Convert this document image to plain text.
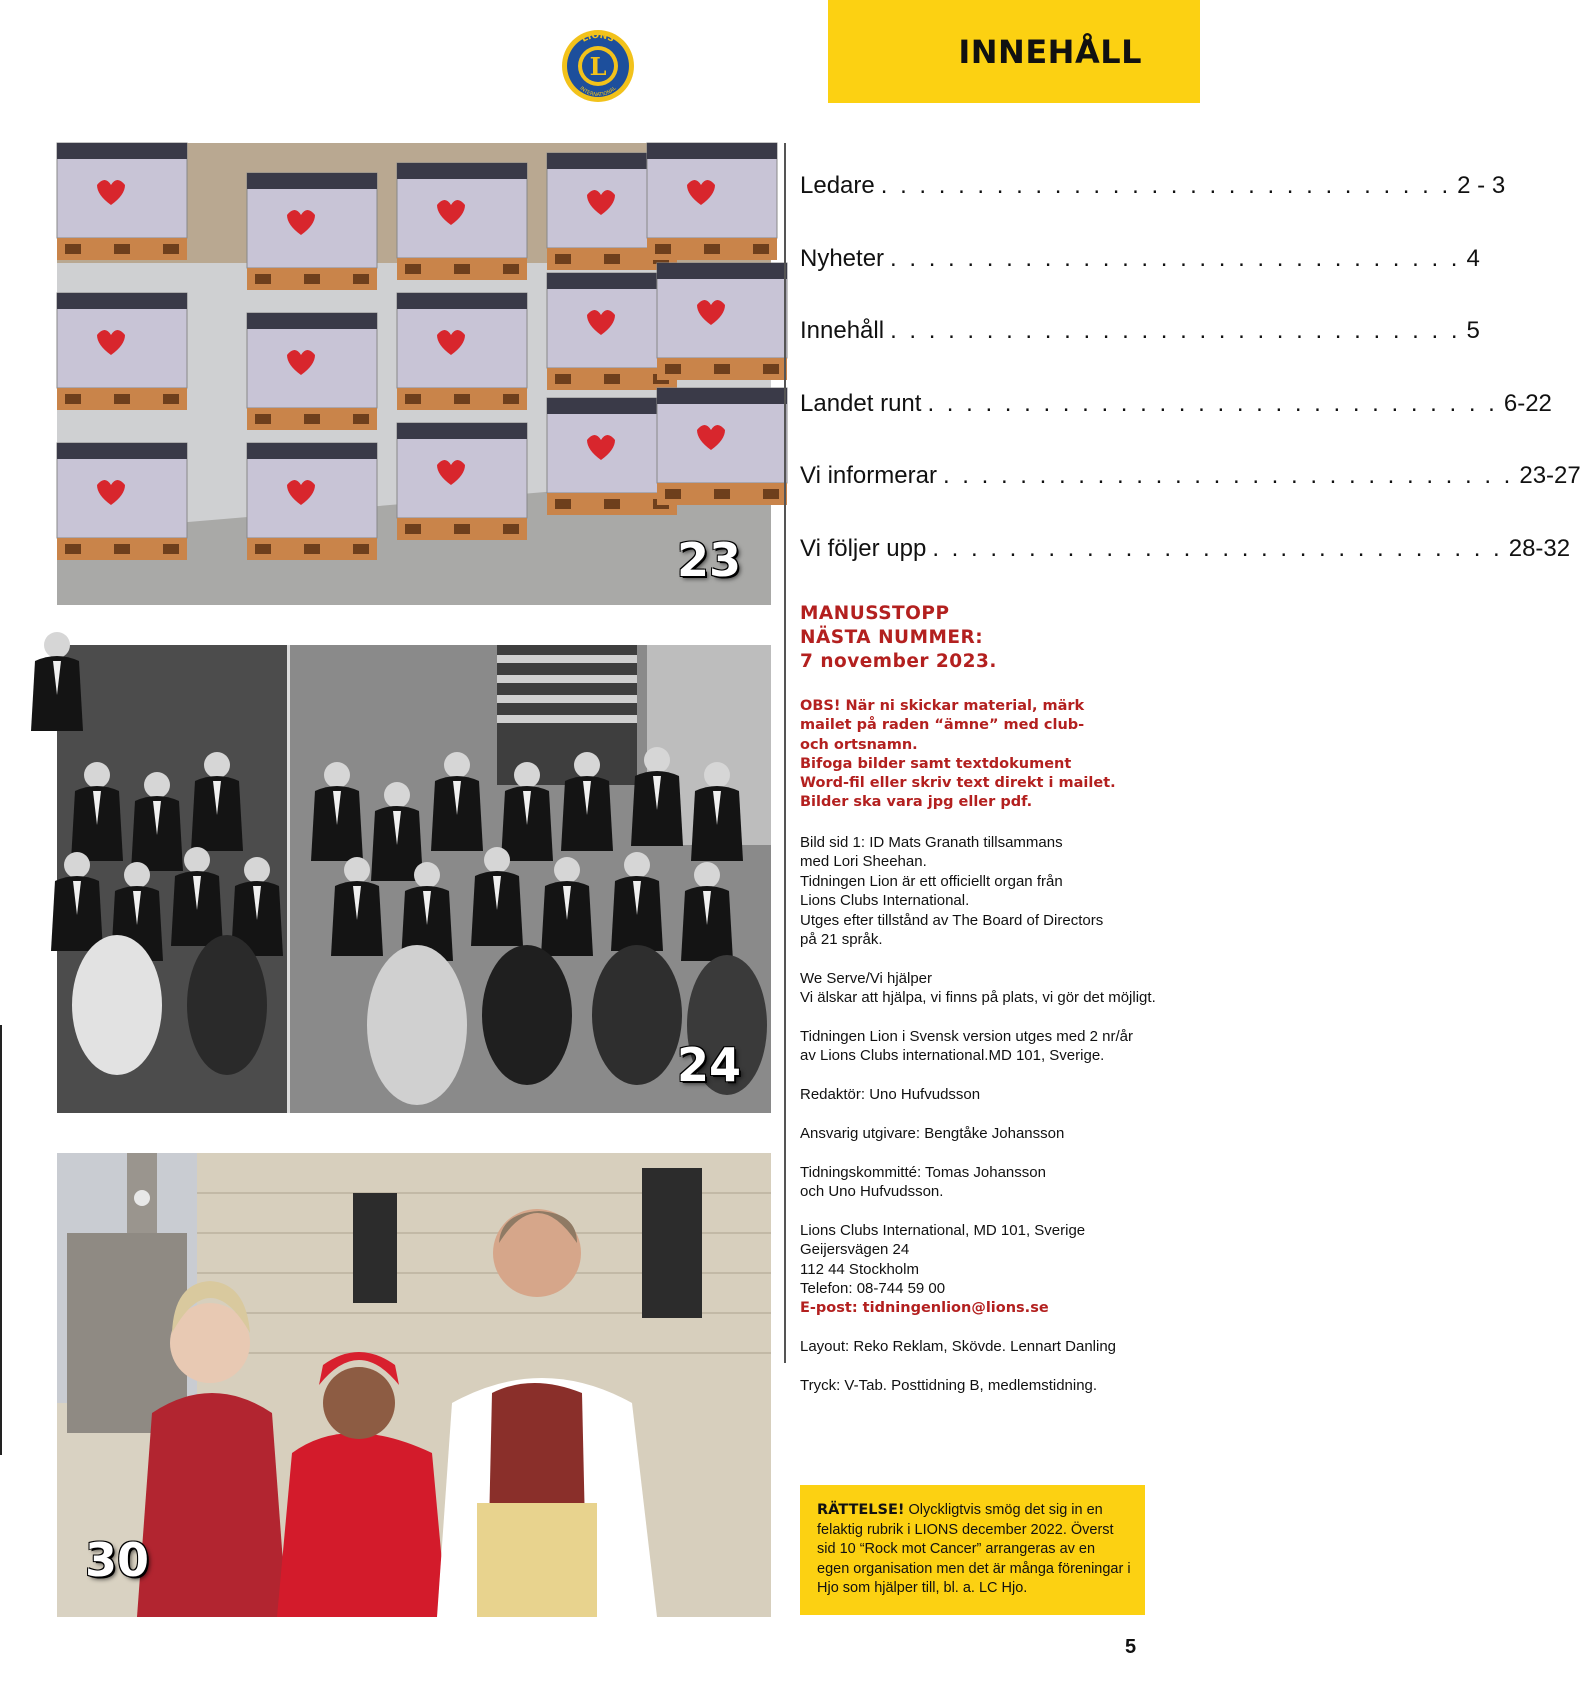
INNEHÅLL
L
LIONS
INTERNATIONAL
23
24
30
Ledare . . . . . . . . . . . . . . . . . . . . . . . . . . . . . . 2 - 3
Nyheter . . . . . . . . . . . . . . . . . . . . . . . . . . . . . . 4
Innehåll . . . . . . . . . . . . . . . . . . . . . . . . . . . . . . 5
Landet runt . . . . . . . . . . . . . . . . . . . . . . . . . . . . . . 6-22
Vi informerar . . . . . . . . . . . . . . . . . . . . . . . . . . . . . . 23-27
Vi följer upp . . . . . . . . . . . . . . . . . . . . . . . . . . . . . . 28-32
MANUSSTOPP
NÄSTA NUMMER:
7 november 2023.
OBS! När ni skickar material, märk
mailet på raden “ämne” med club-
och ortsnamn.
Bifoga bilder samt textdokument
Word-fil eller skriv text direkt i mailet.
Bilder ska vara jpg eller pdf.

Bild sid 1: ID Mats Granath tillsammans
med Lori Sheehan.
Tidningen Lion är ett officiellt organ från
Lions Clubs International.
Utges efter tillstånd av The Board of Directors
på 21 språk.

We Serve/Vi hjälper
Vi älskar att hjälpa, vi finns på plats, vi gör det möjligt.

Tidningen Lion i Svensk version utges med 2 nr/år
av Lions Clubs international.MD 101, Sverige.

Redaktör: Uno Hufvudsson

Ansvarig utgivare: Bengtåke Johansson

Tidningskommitté: Tomas Johansson
och Uno Hufvudsson.

Lions Clubs International, MD 101, Sverige
Geijersvägen 24
112 44 Stockholm
Telefon: 08-744 59 00
E-post: tidningenlion@lions.se

Layout: Reko Reklam, Skövde. Lennart Danling

Tryck: V-Tab. Posttidning B, medlemstidning.

RÄTTELSE! Olyckligtvis smög det sig in en felaktig rubrik i LIONS december 2022. Överst sid 10 “Rock mot Cancer” arrangeras av en egen organisation men det är många föreningar i Hjo som hjälper till, bl. a. LC Hjo.
5
